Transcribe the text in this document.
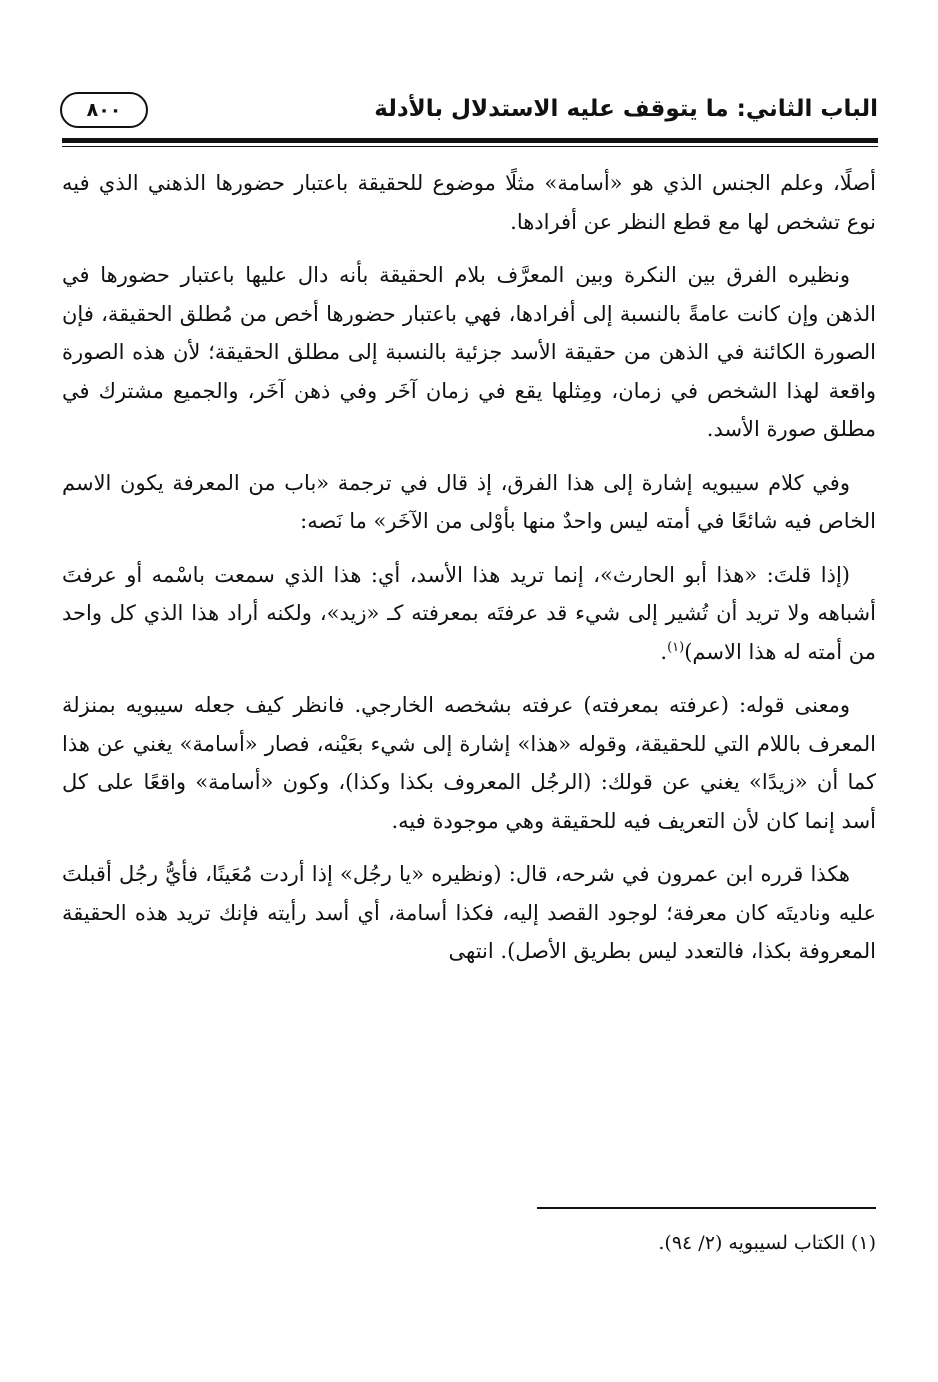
٨٠٠	الباب الثاني: ما يتوقف عليه الاستدلال بالأدلة

أصلًا، وعلم الجنس الذي هو «أسامة» مثلًا موضوع للحقيقة باعتبار حضورها الذهني الذي فيه نوع تشخص لها مع قطع النظر عن أفرادها.

ونظيره الفرق بين النكرة وبين المعرَّف بلام الحقيقة بأنه دال عليها باعتبار حضورها في الذهن وإن كانت عامةً بالنسبة إلى أفرادها، فهي باعتبار حضورها أخص من مُطلق الحقيقة، فإن الصورة الكائنة في الذهن من حقيقة الأسد جزئية بالنسبة إلى مطلق الحقيقة؛ لأن هذه الصورة واقعة لهذا الشخص في زمان، ومِثلها يقع في زمان آخَر وفي ذهن آخَر، والجميع مشترك في مطلق صورة الأسد.

وفي كلام سيبويه إشارة إلى هذا الفرق، إذ قال في ترجمة «باب من المعرفة يكون الاسم الخاص فيه شائعًا في أمته ليس واحدٌ منها بأوْلى من الآخَر» ما نَصه:

(إذا قلتَ: «هذا أبو الحارث»، إنما تريد هذا الأسد، أي: هذا الذي سمعت باسْمه أو عرفتَ أشباهه ولا تريد أن تُشير إلى شيء قد عرفتَه بمعرفته كـ «زيد»، ولكنه أراد هذا الذي كل واحد من أمته له هذا الاسم)$^{(١)}$.

ومعنى قوله: (عرفته بمعرفته) عرفته بشخصه الخارجي. فانظر كيف جعله سيبويه بمنزلة المعرف باللام التي للحقيقة، وقوله «هذا» إشارة إلى شيء بعَيْنه، فصار «أسامة» يغني عن هذا كما أن «زيدًا» يغني عن قولك: (الرجُل المعروف بكذا وكذا)، وكون «أسامة» واقعًا على كل أسد إنما كان لأن التعريف فيه للحقيقة وهي موجودة فيه.

هكذا قرره ابن عمرون في شرحه، قال: (ونظيره «يا رجُل» إذا أردت مُعَينًا، فأيُّ رجُل أقبلتَ عليه وناديتَه كان معرفة؛ لوجود القصد إليه، فكذا أسامة، أي أسد رأيته فإنك تريد هذه الحقيقة المعروفة بكذا، فالتعدد ليس بطريق الأصل). انتهى

(١) الكتاب لسيبويه (٢/ ٩٤).
